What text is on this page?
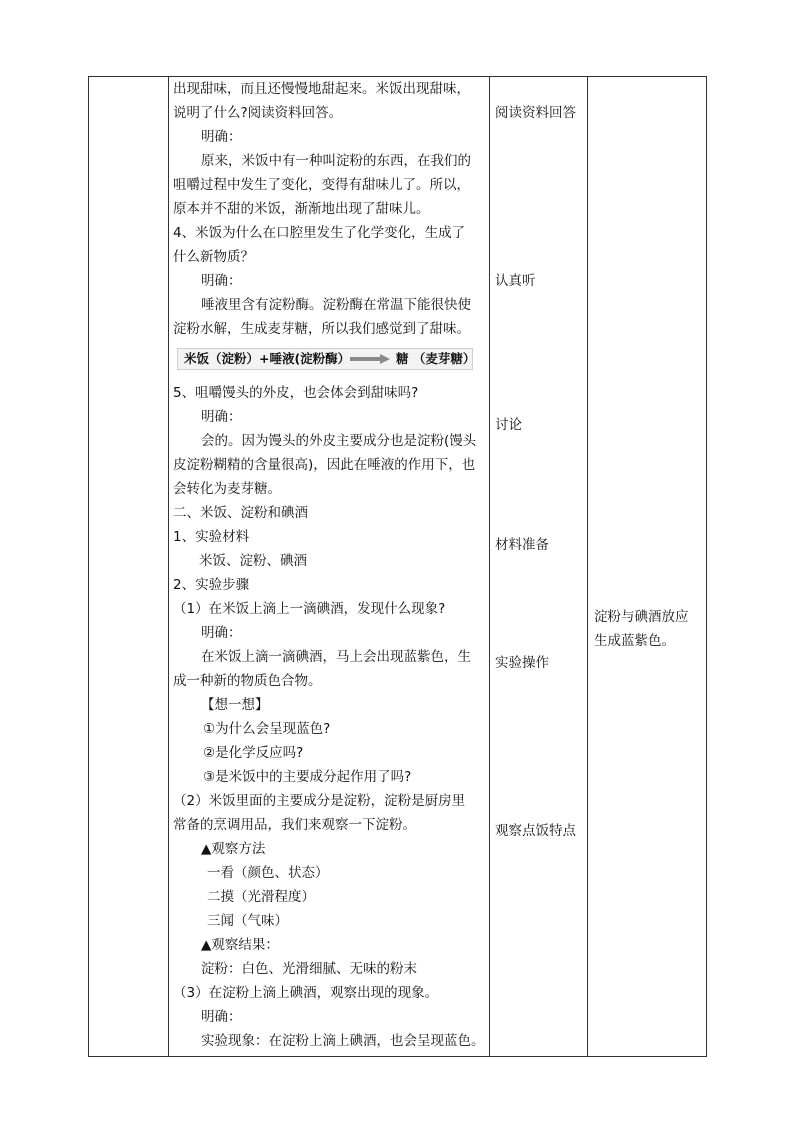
出现甜味，而且还慢慢地甜起来。米饭出现甜味，
说明了什么?阅读资料回答。
明确：
原来，米饭中有一种叫淀粉的东西，在我们的
咀嚼过程中发生了变化，变得有甜味儿了。所以，
原本并不甜的米饭，渐渐地出现了甜味儿。
4、米饭为什么在口腔里发生了化学变化，生成了
什么新物质？
明确：
唾液里含有淀粉酶。淀粉酶在常温下能很快使
淀粉水解，生成麦芽糖，所以我们感觉到了甜味。
米饭（淀粉）+唾液(淀粉酶）	糖 （麦芽糖）
5、咀嚼馒头的外皮，也会体会到甜味吗?
明确：
会的。因为馒头的外皮主要成分也是淀粉(馒头
皮淀粉糊精的含量很高)，因此在唾液的作用下，也
会转化为麦芽糖。
二、米饭、淀粉和碘酒
1、实验材料
米饭、淀粉、碘酒
2、实验步骤
（1）在米饭上滴上一滴碘酒，发现什么现象?
明确：
在米饭上滴一滴碘酒，马上会出现蓝紫色，生
成一种新的物质色合物。
【想一想】
①为什么会呈现蓝色?
②是化学反应吗?
③是米饭中的主要成分起作用了吗?
（2）米饭里面的主要成分是淀粉，淀粉是厨房里
常备的烹调用品，我们来观察一下淀粉。
▲观察方法
一看（颜色、状态）
二摸（光滑程度）
三闻（气味）
▲观察结果：
淀粉：白色、光滑细腻、无味的粉末
（3）在淀粉上滴上碘酒，观察出现的现象。
明确：
实验现象：在淀粉上滴上碘酒，也会呈现蓝色。
阅读资料回答
认真听
讨论
材料准备
实验操作
观察点饭特点
淀粉与碘酒放应
生成蓝紫色。
